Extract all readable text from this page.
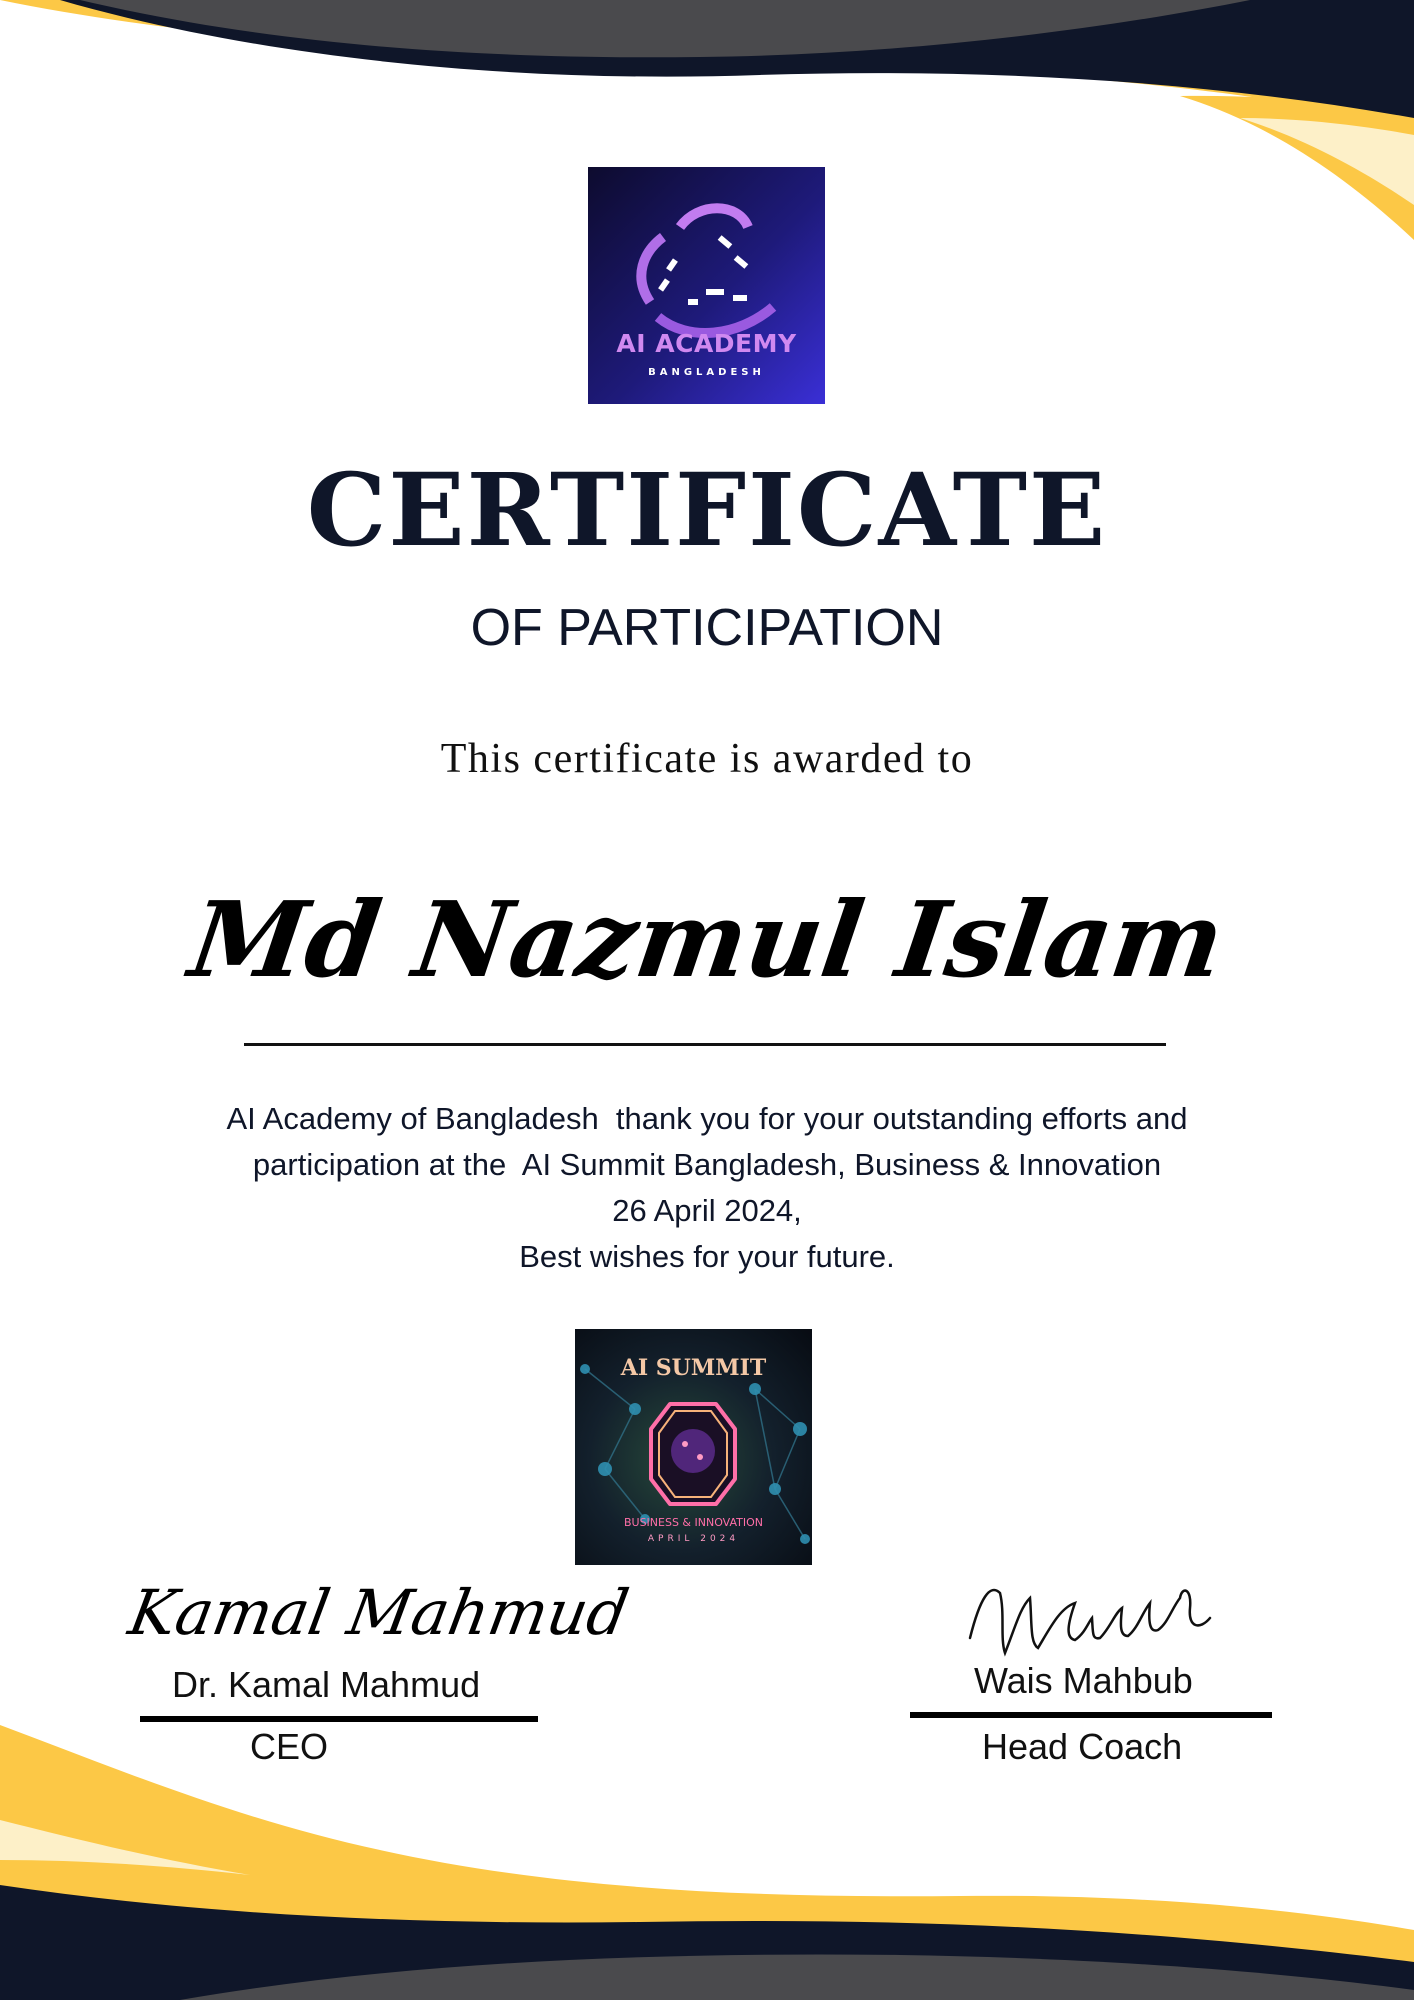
AI ACADEMY
BANGLADESH
CERTIFICATE
OF PARTICIPATION
This certificate is awarded to
Md Nazmul Islam
AI Academy of Bangladesh  thank you for your outstanding efforts and
participation at the  AI Summit Bangladesh, Business & Innovation
26 April 2024,
Best wishes for your future.
AI SUMMIT
BUSINESS & INNOVATION
APRIL 2024
Kamal Mahmud
Dr. Kamal Mahmud
CEO
Wais Mahbub
Head Coach
